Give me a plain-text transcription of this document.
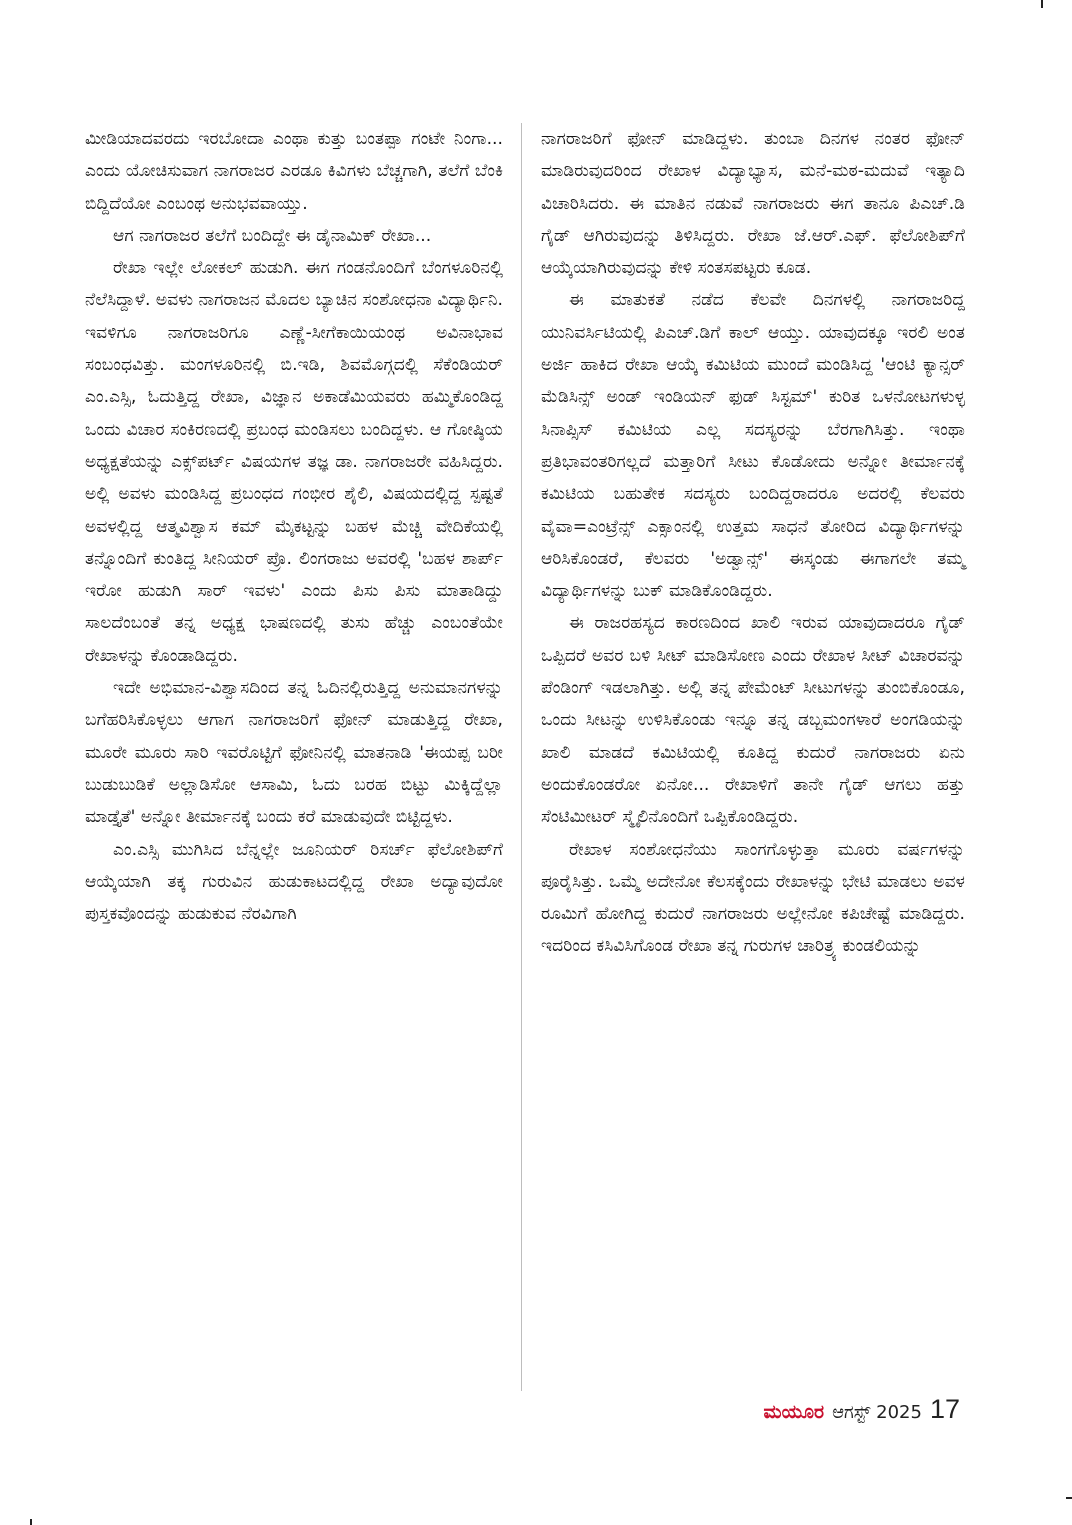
ಮೀಡಿಯಾದವರದು ಇರಬೋದಾ ಎಂಥಾ ಕುತ್ತು ಬಂತಪ್ಪಾ ಗಂಟೇ ನಿಂಗಾ... ಎಂದು ಯೋಚಿಸುವಾಗ ನಾಗರಾಜರ ಎರಡೂ ಕಿವಿಗಳು ಬೆಚ್ಚಗಾಗಿ, ತಲೆಗೆ ಬೆಂಕಿ ಬಿದ್ದಿದೆಯೋ ಎಂಬಂಥ ಅನುಭವವಾಯ್ತು.

ಆಗ ನಾಗರಾಜರ ತಲೆಗೆ ಬಂದಿದ್ದೇ ಈ ಡೈನಾಮಿಕ್ ರೇಖಾ...

ರೇಖಾ ಇಲ್ಲೇ ಲೋಕಲ್ ಹುಡುಗಿ. ಈಗ ಗಂಡನೊಂದಿಗೆ ಬೆಂಗಳೂರಿನಲ್ಲಿ ನೆಲೆಸಿದ್ದಾಳೆ. ಅವಳು ನಾಗರಾಜನ ಮೊದಲ ಬ್ಯಾಚಿನ ಸಂಶೋಧನಾ ವಿದ್ಯಾರ್ಥಿನಿ. ಇವಳಿಗೂ ನಾಗರಾಜರಿಗೂ ಎಣ್ಣೆ-ಸೀಗೆಕಾಯಿಯಂಥ ಅವಿನಾಭಾವ ಸಂಬಂಧವಿತ್ತು. ಮಂಗಳೂರಿನಲ್ಲಿ ಬಿ.ಇಡಿ, ಶಿವಮೊಗ್ಗದಲ್ಲಿ ಸೆಕೆಂಡಿಯರ್ ಎಂ.ಎಸ್ಸಿ, ಓದುತ್ತಿದ್ದ ರೇಖಾ, ವಿಜ್ಞಾನ ಅಕಾಡೆಮಿಯವರು ಹಮ್ಮಿಕೊಂಡಿದ್ದ ಒಂದು ವಿಚಾರ ಸಂಕಿರಣದಲ್ಲಿ ಪ್ರಬಂಧ ಮಂಡಿಸಲು ಬಂದಿದ್ದಳು. ಆ ಗೋಷ್ಠಿಯ ಅಧ್ಯಕ್ಷತೆಯನ್ನು ಎಕ್ಸ್‌ಪರ್ಟ್ ವಿಷಯಗಳ ತಜ್ಞ ಡಾ. ನಾಗರಾಜರೇ ವಹಿಸಿದ್ದರು. ಅಲ್ಲಿ ಅವಳು ಮಂಡಿಸಿದ್ದ ಪ್ರಬಂಧದ ಗಂಭೀರ ಶೈಲಿ, ವಿಷಯದಲ್ಲಿದ್ದ ಸ್ಪಷ್ಟತೆ ಅವಳಲ್ಲಿದ್ದ ಆತ್ಮವಿಶ್ವಾಸ ಕಮ್ ಮೈಕಟ್ಟನ್ನು ಬಹಳ ಮೆಚ್ಚಿ ವೇದಿಕೆಯಲ್ಲಿ ತನ್ನೊಂದಿಗೆ ಕುಂತಿದ್ದ ಸೀನಿಯರ್ ಪ್ರೊ. ಲಿಂಗರಾಜು ಅವರಲ್ಲಿ 'ಬಹಳ ಶಾರ್ಪ್ ಇರೋ ಹುಡುಗಿ ಸಾರ್ ಇವಳು' ಎಂದು ಪಿಸು ಪಿಸು ಮಾತಾಡಿದ್ದು ಸಾಲದೆಂಬಂತೆ ತನ್ನ ಅಧ್ಯಕ್ಷ ಭಾಷಣದಲ್ಲಿ ತುಸು ಹೆಚ್ಚು ಎಂಬಂತೆಯೇ ರೇಖಾಳನ್ನು ಕೊಂಡಾಡಿದ್ದರು.

ಇದೇ ಅಭಿಮಾನ-ವಿಶ್ವಾಸದಿಂದ ತನ್ನ ಓದಿನಲ್ಲಿರುತ್ತಿದ್ದ ಅನುಮಾನಗಳನ್ನು ಬಗೆಹರಿಸಿಕೊಳ್ಳಲು ಆಗಾಗ ನಾಗರಾಜರಿಗೆ ಫೋನ್ ಮಾಡುತ್ತಿದ್ದ ರೇಖಾ, ಮೂರೇ ಮೂರು ಸಾರಿ ಇವರೊಟ್ಟಿಗೆ ಫೋನಿನಲ್ಲಿ ಮಾತನಾಡಿ 'ಈಯಪ್ಪ ಬರೀ ಬುಡುಬುಡಿಕೆ ಅಲ್ಲಾಡಿಸೋ ಆಸಾಮಿ, ಓದು ಬರಹ ಬಿಟ್ಟು ಮಿಕ್ಕಿದ್ದೆಲ್ಲಾ ಮಾಡ್ತೈತೆ' ಅನ್ನೋ ತೀರ್ಮಾನಕ್ಕೆ ಬಂದು ಕರೆ ಮಾಡುವುದೇ ಬಿಟ್ಟಿದ್ದಳು.

ಎಂ.ಎಸ್ಸಿ ಮುಗಿಸಿದ ಬೆನ್ನಲ್ಲೇ ಜೂನಿಯರ್ ರಿಸರ್ಚ್ ಫೆಲೋಶಿಪ್‌ಗೆ ಆಯ್ಕೆಯಾಗಿ ತಕ್ಕ ಗುರುವಿನ ಹುಡುಕಾಟದಲ್ಲಿದ್ದ ರೇಖಾ ಅದ್ಯಾವುದೋ ಪುಸ್ತಕವೊಂದನ್ನು ಹುಡುಕುವ ನೆರವಿಗಾಗಿ

ನಾಗರಾಜರಿಗೆ ಫೋನ್ ಮಾಡಿದ್ದಳು. ತುಂಬಾ ದಿನಗಳ ನಂತರ ಫೋನ್ ಮಾಡಿರುವುದರಿಂದ ರೇಖಾಳ ವಿದ್ಯಾಭ್ಯಾಸ, ಮನೆ-ಮಠ-ಮದುವೆ ಇತ್ಯಾದಿ ವಿಚಾರಿಸಿದರು. ಈ ಮಾತಿನ ನಡುವೆ ನಾಗರಾಜರು ಈಗ ತಾನೂ ಪಿಎಚ್.ಡಿ ಗೈಡ್ ಆಗಿರುವುದನ್ನು ತಿಳಿಸಿದ್ದರು. ರೇಖಾ ಜೆ.ಆರ್.ಎಫ್. ಫೆಲೋಶಿಪ್‌ಗೆ ಆಯ್ಕೆಯಾಗಿರುವುದನ್ನು ಕೇಳಿ ಸಂತಸಪಟ್ಟರು ಕೂಡ.

ಈ ಮಾತುಕತೆ ನಡೆದ ಕೆಲವೇ ದಿನಗಳಲ್ಲಿ ನಾಗರಾಜರಿದ್ದ ಯುನಿವರ್ಸಿಟಿಯಲ್ಲಿ ಪಿಎಚ್.ಡಿಗೆ ಕಾಲ್ ಆಯ್ತು. ಯಾವುದಕ್ಕೂ ಇರಲಿ ಅಂತ ಅರ್ಜಿ ಹಾಕಿದ ರೇಖಾ ಆಯ್ಕೆ ಕಮಿಟಿಯ ಮುಂದೆ ಮಂಡಿಸಿದ್ದ 'ಆಂಟಿ ಕ್ಯಾನ್ಸರ್ ಮೆಡಿಸಿನ್ಸ್ ಅಂಡ್ ಇಂಡಿಯನ್ ಫುಡ್ ಸಿಸ್ಟಮ್' ಕುರಿತ ಒಳನೋಟಗಳುಳ್ಳ ಸಿನಾಪ್ಸಿಸ್ ಕಮಿಟಿಯ ಎಲ್ಲ ಸದಸ್ಯರನ್ನು ಬೆರಗಾಗಿಸಿತ್ತು. ಇಂಥಾ ಪ್ರತಿಭಾವಂತರಿಗಲ್ಲದೆ ಮತ್ತಾರಿಗೆ ಸೀಟು ಕೊಡೋದು ಅನ್ನೋ ತೀರ್ಮಾನಕ್ಕೆ ಕಮಿಟಿಯ ಬಹುತೇಕ ಸದಸ್ಯರು ಬಂದಿದ್ದರಾದರೂ ಅದರಲ್ಲಿ ಕೆಲವರು ವೈವಾ=ಎಂಟ್ರೆನ್ಸ್ ಎಕ್ಸಾಂನಲ್ಲಿ ಉತ್ತಮ ಸಾಧನೆ ತೋರಿದ ವಿದ್ಯಾರ್ಥಿಗಳನ್ನು ಆರಿಸಿಕೊಂಡರೆ, ಕೆಲವರು 'ಅಡ್ವಾನ್ಸ್' ಈಸ್ಕಂಡು ಈಗಾಗಲೇ ತಮ್ಮ ವಿದ್ಯಾರ್ಥಿಗಳನ್ನು ಬುಕ್ ಮಾಡಿಕೊಂಡಿದ್ದರು.

ಈ ರಾಜರಹಸ್ಯದ ಕಾರಣದಿಂದ ಖಾಲಿ ಇರುವ ಯಾವುದಾದರೂ ಗೈಡ್ ಒಪ್ಪಿದರೆ ಅವರ ಬಳಿ ಸೀಟ್ ಮಾಡಿಸೋಣ ಎಂದು ರೇಖಾಳ ಸೀಟ್ ವಿಚಾರವನ್ನು ಪೆಂಡಿಂಗ್ ಇಡಲಾಗಿತ್ತು. ಅಲ್ಲಿ ತನ್ನ ಪೇಮೆಂಟ್ ಸೀಟುಗಳನ್ನು ತುಂಬಿಕೊಂಡೂ, ಒಂದು ಸೀಟನ್ನು ಉಳಿಸಿಕೊಂಡು ಇನ್ನೂ ತನ್ನ ಡಬ್ಬಮಂಗಳಾರೆ ಅಂಗಡಿಯನ್ನು ಖಾಲಿ ಮಾಡದೆ ಕಮಿಟಿಯಲ್ಲಿ ಕೂತಿದ್ದ ಕುದುರೆ ನಾಗರಾಜರು ಏನು ಅಂದುಕೊಂಡರೋ ಏನೋ... ರೇಖಾಳಿಗೆ ತಾನೇ ಗೈಡ್ ಆಗಲು ಹತ್ತು ಸೆಂಟಿಮೀಟರ್ ಸ್ಮೈಲಿನೊಂದಿಗೆ ಒಪ್ಪಿಕೊಂಡಿದ್ದರು.

ರೇಖಾಳ ಸಂಶೋಧನೆಯು ಸಾಂಗಗೊಳ್ಳುತ್ತಾ ಮೂರು ವರ್ಷಗಳನ್ನು ಪೂರೈಸಿತ್ತು. ಒಮ್ಮೆ ಅದೇನೋ ಕೆಲಸಕ್ಕೆಂದು ರೇಖಾಳನ್ನು ಭೇಟಿ ಮಾಡಲು ಅವಳ ರೂಮಿಗೆ ಹೋಗಿದ್ದ ಕುದುರೆ ನಾಗರಾಜರು ಅಲ್ಲೇನೋ ಕಪಿಚೇಷ್ಟೆ ಮಾಡಿದ್ದರು. ಇದರಿಂದ ಕಸಿವಿಸಿಗೊಂಡ ರೇಖಾ ತನ್ನ ಗುರುಗಳ ಚಾರಿತ್ರ್ಯ ಕುಂಡಲಿಯನ್ನು

ಮಯೂರ ಆಗಸ್ಟ್ 2025 17
